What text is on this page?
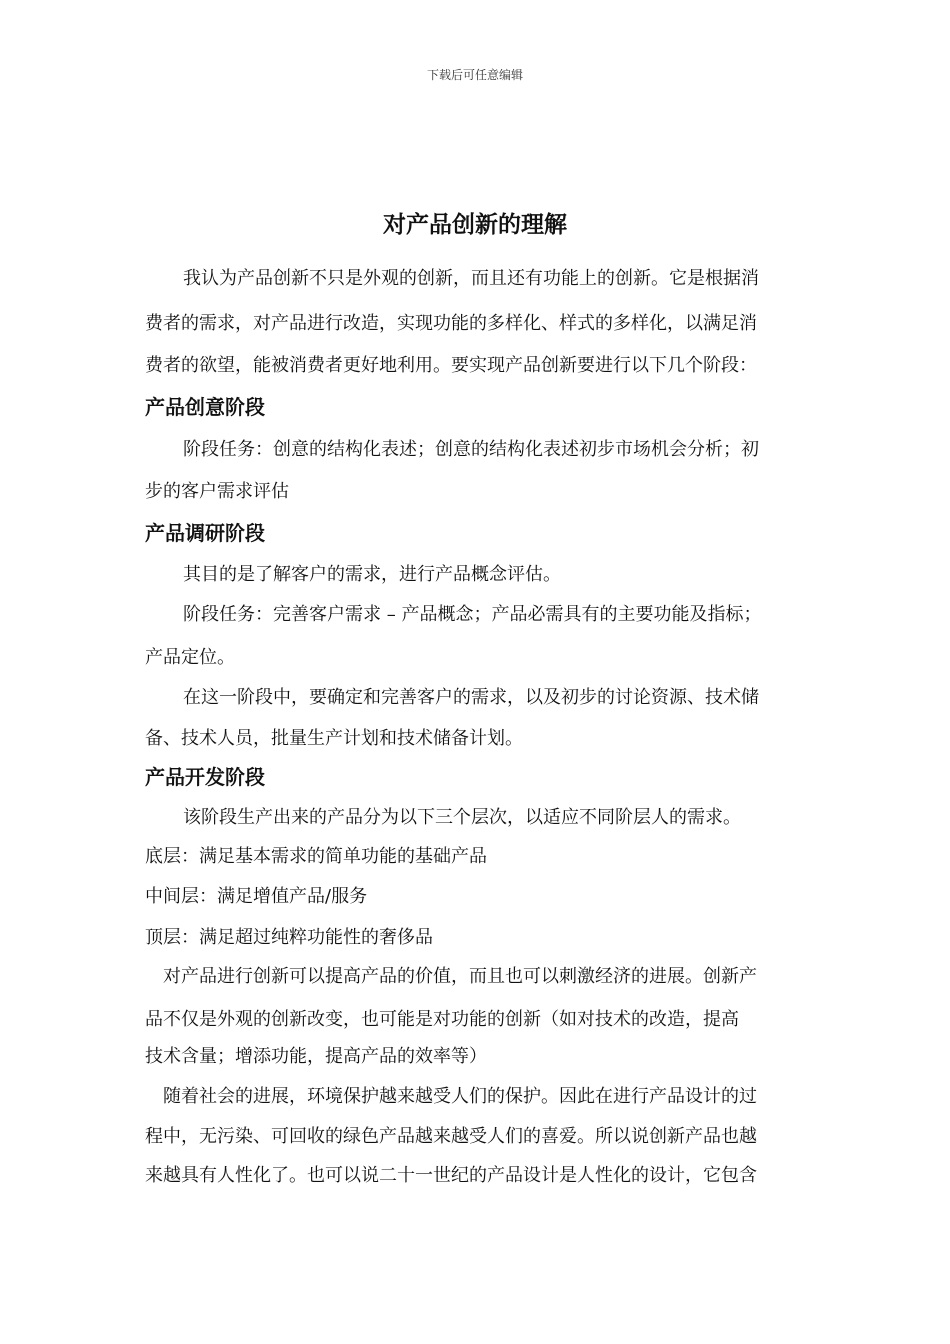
下载后可任意编辑
对产品创新的理解
我认为产品创新不只是外观的创新，而且还有功能上的创新。它是根据消
费者的需求，对产品进行改造，实现功能的多样化、样式的多样化，以满足消
费者的欲望，能被消费者更好地利用。要实现产品创新要进行以下几个阶段：
产品创意阶段
阶段任务：创意的结构化表述；创意的结构化表述初步市场机会分析；初
步的客户需求评估
产品调研阶段
其目的是了解客户的需求，进行产品概念评估。
阶段任务：完善客户需求 – 产品概念；产品必需具有的主要功能及指标；
产品定位。
在这一阶段中，要确定和完善客户的需求，以及初步的讨论资源、技术储
备、技术人员，批量生产计划和技术储备计划。
产品开发阶段
该阶段生产出来的产品分为以下三个层次，以适应不同阶层人的需求。
底层：满足基本需求的简单功能的基础产品
中间层：满足增值产品/服务
顶层：满足超过纯粹功能性的奢侈品
对产品进行创新可以提高产品的价值，而且也可以刺激经济的进展。创新产
品不仅是外观的创新改变，也可能是对功能的创新（如对技术的改造，提高
技术含量；增添功能，提高产品的效率等）
随着社会的进展，环境保护越来越受人们的保护。因此在进行产品设计的过
程中，无污染、可回收的绿色产品越来越受人们的喜爱。所以说创新产品也越
来越具有人性化了。也可以说二十一世纪的产品设计是人性化的设计，它包含
